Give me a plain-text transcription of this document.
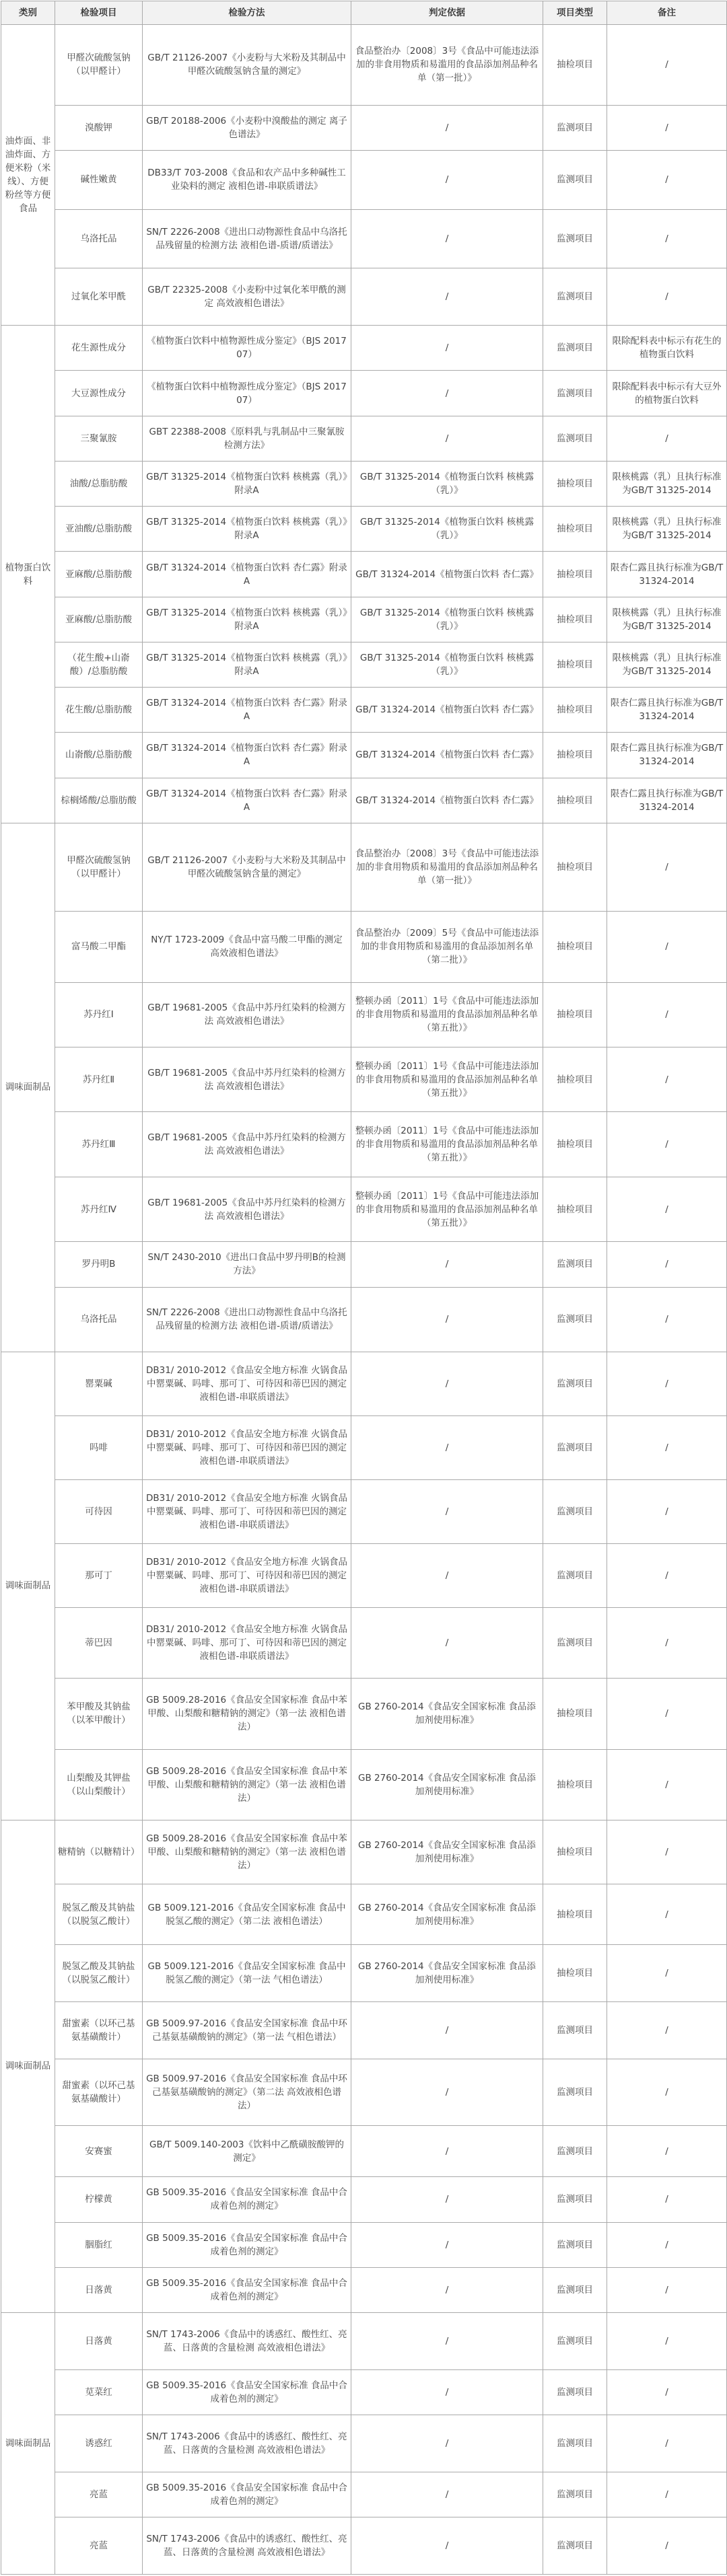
类别	检验项目	检验方法	判定依据	项目类型	备注
油炸面、非油炸面、方便米粉（米线）、方便粉丝等方便食品	甲醛次硫酸氢钠（以甲醛计）	GB/T 21126-2007《小麦粉与大米粉及其制品中甲醛次硫酸氢钠含量的测定》	食品整治办〔2008〕3号《食品中可能违法添加的非食用物质和易滥用的食品添加剂品种名单（第一批）》	抽检项目	/
	溴酸钾	GB/T 20188-2006《小麦粉中溴酸盐的测定 离子色谱法》	/	监测项目	/
	碱性嫩黄	DB33/T 703-2008《食品和农产品中多种碱性工业染料的测定 液相色谱-串联质谱法》	/	监测项目	/
	乌洛托品	SN/T 2226-2008《进出口动物源性食品中乌洛托品残留量的检测方法 液相色谱-质谱/质谱法》	/	监测项目	/
	过氧化苯甲酰	GB/T 22325-2008《小麦粉中过氧化苯甲酰的测定 高效液相色谱法》	/	监测项目	/
植物蛋白饮料	花生源性成分	《植物蛋白饮料中植物源性成分鉴定》（BJS 201707）	/	监测项目	限除配料表中标示有花生的植物蛋白饮料
	大豆源性成分	《植物蛋白饮料中植物源性成分鉴定》（BJS 201707）	/	监测项目	限除配料表中标示有大豆外的植物蛋白饮料
	三聚氰胺	GBT 22388-2008《原料乳与乳制品中三聚氰胺检测方法》	/	监测项目	/
	油酸/总脂肪酸	GB/T 31325-2014《植物蛋白饮料 核桃露（乳）》附录A	GB/T 31325-2014《植物蛋白饮料 核桃露（乳）》	抽检项目	限核桃露（乳）且执行标准为GB/T 31325-2014
	亚油酸/总脂肪酸	GB/T 31325-2014《植物蛋白饮料 核桃露（乳）》附录A	GB/T 31325-2014《植物蛋白饮料 核桃露（乳）》	抽检项目	限核桃露（乳）且执行标准为GB/T 31325-2014
	亚麻酸/总脂肪酸	GB/T 31324-2014《植物蛋白饮料 杏仁露》附录A	GB/T 31324-2014《植物蛋白饮料 杏仁露》	抽检项目	限杏仁露且执行标准为GB/T 31324-2014
	亚麻酸/总脂肪酸	GB/T 31325-2014《植物蛋白饮料 核桃露（乳）》附录A	GB/T 31325-2014《植物蛋白饮料 核桃露（乳）》	抽检项目	限核桃露（乳）且执行标准为GB/T 31325-2014
	（花生酸+山嵛酸）/总脂肪酸	GB/T 31325-2014《植物蛋白饮料 核桃露（乳）》附录A	GB/T 31325-2014《植物蛋白饮料 核桃露（乳）》	抽检项目	限核桃露（乳）且执行标准为GB/T 31325-2014
	花生酸/总脂肪酸	GB/T 31324-2014《植物蛋白饮料 杏仁露》附录A	GB/T 31324-2014《植物蛋白饮料 杏仁露》	抽检项目	限杏仁露且执行标准为GB/T 31324-2014
	山嵛酸/总脂肪酸	GB/T 31324-2014《植物蛋白饮料 杏仁露》附录A	GB/T 31324-2014《植物蛋白饮料 杏仁露》	抽检项目	限杏仁露且执行标准为GB/T 31324-2014
	棕榈烯酸/总脂肪酸	GB/T 31324-2014《植物蛋白饮料 杏仁露》附录A	GB/T 31324-2014《植物蛋白饮料 杏仁露》	抽检项目	限杏仁露且执行标准为GB/T 31324-2014
调味面制品	甲醛次硫酸氢钠（以甲醛计）	GB/T 21126-2007《小麦粉与大米粉及其制品中甲醛次硫酸氢钠含量的测定》	食品整治办〔2008〕3号《食品中可能违法添加的非食用物质和易滥用的食品添加剂品种名单（第一批）》	抽检项目	/
	富马酸二甲酯	NY/T 1723-2009《食品中富马酸二甲酯的测定 高效液相色谱法》	食品整治办〔2009〕5号《食品中可能违法添加的非食用物质和易滥用的食品添加剂名单（第二批）》	抽检项目	/
	苏丹红Ⅰ	GB/T 19681-2005《食品中苏丹红染料的检测方法 高效液相色谱法》	整顿办函〔2011〕1号《食品中可能违法添加的非食用物质和易滥用的食品添加剂品种名单（第五批）》	抽检项目	/
	苏丹红Ⅱ	GB/T 19681-2005《食品中苏丹红染料的检测方法 高效液相色谱法》	整顿办函〔2011〕1号《食品中可能违法添加的非食用物质和易滥用的食品添加剂品种名单（第五批）》	抽检项目	/
	苏丹红Ⅲ	GB/T 19681-2005《食品中苏丹红染料的检测方法 高效液相色谱法》	整顿办函〔2011〕1号《食品中可能违法添加的非食用物质和易滥用的食品添加剂品种名单（第五批）》	抽检项目	/
	苏丹红Ⅳ	GB/T 19681-2005《食品中苏丹红染料的检测方法 高效液相色谱法》	整顿办函〔2011〕1号《食品中可能违法添加的非食用物质和易滥用的食品添加剂品种名单（第五批）》	抽检项目	/
	罗丹明B	SN/T 2430-2010《进出口食品中罗丹明B的检测方法》	/	监测项目	/
	乌洛托品	SN/T 2226-2008《进出口动物源性食品中乌洛托品残留量的检测方法 液相色谱-质谱/质谱法》	/	监测项目	/
调味面制品	罂粟碱	DB31/ 2010-2012《食品安全地方标准 火锅食品中罂粟碱、吗啡、那可丁、可待因和蒂巴因的测定 液相色谱-串联质谱法》	/	监测项目	/
	吗啡	DB31/ 2010-2012《食品安全地方标准 火锅食品中罂粟碱、吗啡、那可丁、可待因和蒂巴因的测定 液相色谱-串联质谱法》	/	监测项目	/
	可待因	DB31/ 2010-2012《食品安全地方标准 火锅食品中罂粟碱、吗啡、那可丁、可待因和蒂巴因的测定 液相色谱-串联质谱法》	/	监测项目	/
	那可丁	DB31/ 2010-2012《食品安全地方标准 火锅食品中罂粟碱、吗啡、那可丁、可待因和蒂巴因的测定 液相色谱-串联质谱法》	/	监测项目	/
	蒂巴因	DB31/ 2010-2012《食品安全地方标准 火锅食品中罂粟碱、吗啡、那可丁、可待因和蒂巴因的测定 液相色谱-串联质谱法》	/	监测项目	/
	苯甲酸及其钠盐（以苯甲酸计）	GB 5009.28-2016《食品安全国家标准 食品中苯甲酸、山梨酸和糖精钠的测定》（第一法 液相色谱法）	GB 2760-2014《食品安全国家标准 食品添加剂使用标准》	抽检项目	/
	山梨酸及其钾盐（以山梨酸计）	GB 5009.28-2016《食品安全国家标准 食品中苯甲酸、山梨酸和糖精钠的测定》（第一法 液相色谱法）	GB 2760-2014《食品安全国家标准 食品添加剂使用标准》	抽检项目	/
调味面制品	糖精钠（以糖精计）	GB 5009.28-2016《食品安全国家标准 食品中苯甲酸、山梨酸和糖精钠的测定》（第一法 液相色谱法）	GB 2760-2014《食品安全国家标准 食品添加剂使用标准》	抽检项目	/
	脱氢乙酸及其钠盐（以脱氢乙酸计）	GB 5009.121-2016《食品安全国家标准 食品中脱氢乙酸的测定》（第二法 液相色谱法）	GB 2760-2014《食品安全国家标准 食品添加剂使用标准》	抽检项目	/
	脱氢乙酸及其钠盐（以脱氢乙酸计）	GB 5009.121-2016《食品安全国家标准 食品中脱氢乙酸的测定》（第一法 气相色谱法）	GB 2760-2014《食品安全国家标准 食品添加剂使用标准》	抽检项目	/
	甜蜜素（以环己基氨基磺酸计）	GB 5009.97-2016《食品安全国家标准 食品中环己基氨基磺酸钠的测定》（第一法 气相色谱法）	/	监测项目	/
	甜蜜素（以环己基氨基磺酸计）	GB 5009.97-2016《食品安全国家标准 食品中环己基氨基磺酸钠的测定》（第二法 高效液相色谱法）	/	监测项目	/
	安赛蜜	GB/T 5009.140-2003《饮料中乙酰磺胺酸钾的测定》	/	监测项目	/
	柠檬黄	GB 5009.35-2016《食品安全国家标准 食品中合成着色剂的测定》	/	监测项目	/
	胭脂红	GB 5009.35-2016《食品安全国家标准 食品中合成着色剂的测定》	/	监测项目	/
	日落黄	GB 5009.35-2016《食品安全国家标准 食品中合成着色剂的测定》	/	监测项目	/
调味面制品	日落黄	SN/T 1743-2006《食品中的诱惑红、酸性红、亮蓝、日落黄的含量检测 高效液相色谱法》	/	监测项目	/
	苋菜红	GB 5009.35-2016《食品安全国家标准 食品中合成着色剂的测定》	/	监测项目	/
	诱惑红	SN/T 1743-2006《食品中的诱惑红、酸性红、亮蓝、日落黄的含量检测 高效液相色谱法》	/	监测项目	/
	亮蓝	GB 5009.35-2016《食品安全国家标准 食品中合成着色剂的测定》	/	监测项目	/
	亮蓝	SN/T 1743-2006《食品中的诱惑红、酸性红、亮蓝、日落黄的含量检测 高效液相色谱法》	/	监测项目	/
